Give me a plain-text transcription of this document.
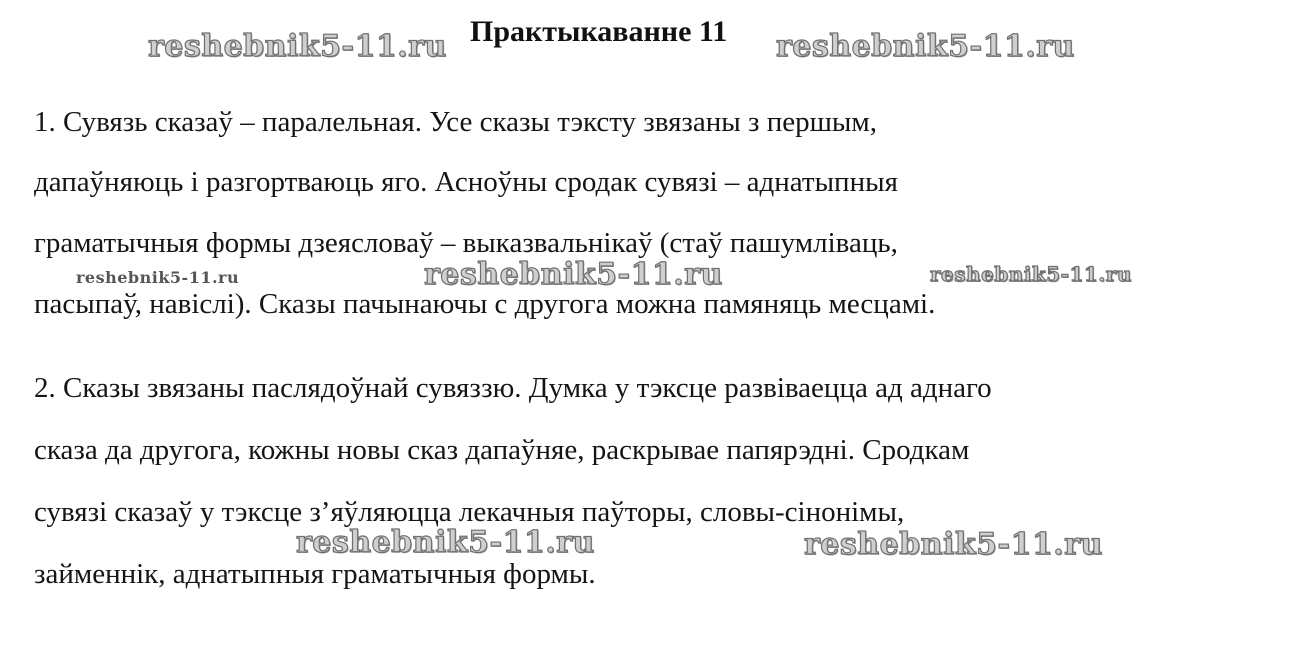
Практыкаванне 11
1. Сувязь сказаў – паралельная. Усе сказы тэксту звязаны з першым,
дапаўняюць і разгортваюць яго. Асноўны сродак сувязі – аднатыпныя
граматычныя формы дзеясловаў – выказвальнікаў (стаў пашумліваць,
пасыпаў, навіслі). Сказы пачынаючы с другога можна памяняць месцамі.
2. Сказы звязаны паслядоўнай сувяззю. Думка у тэксце развіваецца ад аднаго
сказа да другога, кожны новы сказ дапаўняе, раскрывае папярэдні. Сродкам
сувязі сказаў у тэксце з’яўляюцца лекачныя паўторы, словы-сінонімы,
займеннік, аднатыпныя граматычныя формы.
reshebnik5-11.ru	reshebnik5-11.ru
reshebnik5-11.ru	reshebnik5-11.ru	reshebnik5-11.ru
reshebnik5-11.ru	reshebnik5-11.ru
